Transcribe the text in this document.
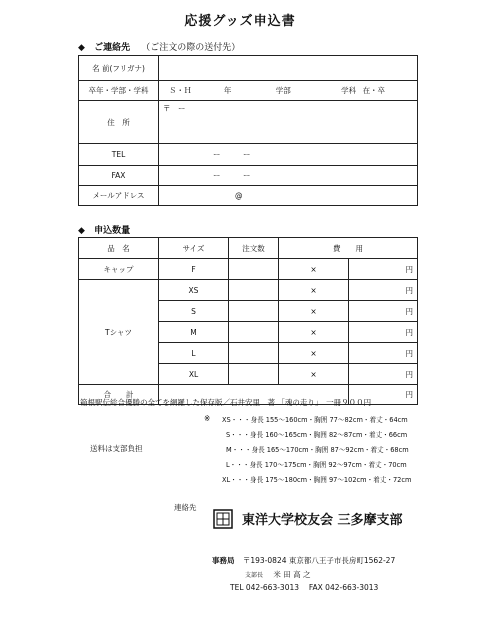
応援グッズ申込書
◆ ご連絡先 （ご注文の際の送付先）
名 前(フリガナ)	
卒年・学部・学科	Ｓ・Ｈ 年 学部 学科 在・卒
住　所	〒　ー
TEL	ー　　　ー
FAX	ー　　　ー
メールアドレス	@
◆ 申込数量
品　名	サイズ	注文数	費　　用	
キャップ	F		×	円
Tシャツ	XS		×	円
	S		×	円
	M		×	円
	L		×	円
	XL		×	円
合　　計				円
箱根駅伝総合優勝の全てを網羅した保存版／石井安里　著 「魂の走り」　一冊９００円
※ XS・・・身長 155〜160cm・胸囲 77〜82cm・着丈・64cm
S・・・身長 160〜165cm・胸囲 82〜87cm・着丈・66cm
M・・・身長 165〜170cm・胸囲 87〜92cm・着丈・68cm
L・・・身長 170〜175cm・胸囲 92〜97cm・着丈・70cm
XL・・・身長 175〜180cm・胸囲 97〜102cm・着丈・72cm
送料は支部負担
連絡先
東洋大学校友会 三多摩支部
事務局 〒193-0824 東京都八王子市長房町1562-27
支部長 米 田 高 之
TEL 042-663-3013　 FAX 042-663-3013
